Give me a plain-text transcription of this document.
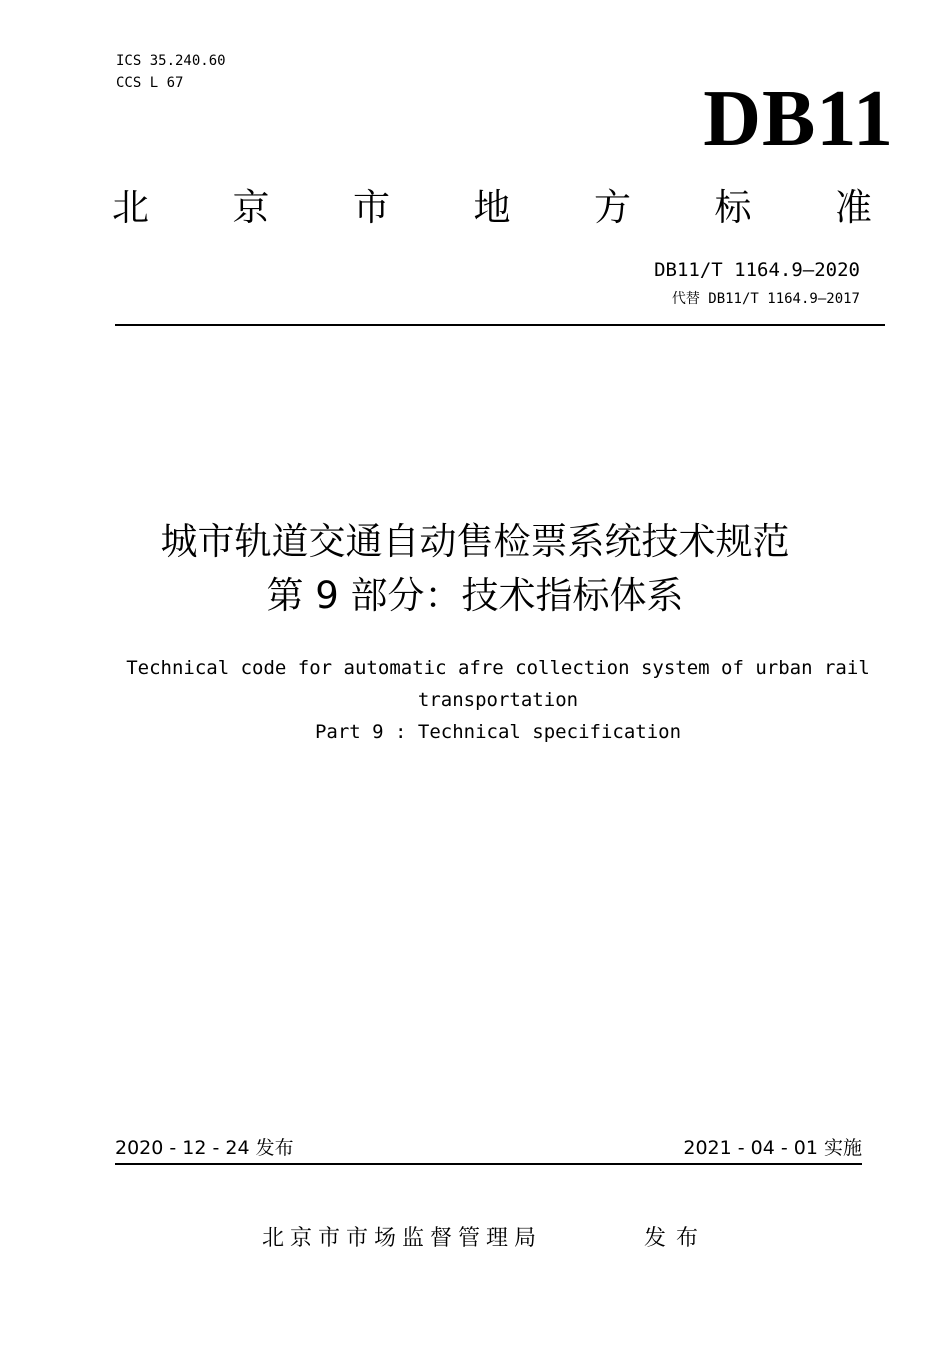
ICS 35.240.60
CCS L 67	DB11
北 京 市 地 方 标 准
DB11/T 1164.9—2020
代替 DB11/T 1164.9—2017
城市轨道交通自动售检票系统技术规范
第 9 部分：技术指标体系
Technical code for automatic afre collection system of urban rail
transportation
Part 9 : Technical specification
2020 - 12 - 24 发布	2021 - 04 - 01 实施
北京市市场监督管理局	发布
